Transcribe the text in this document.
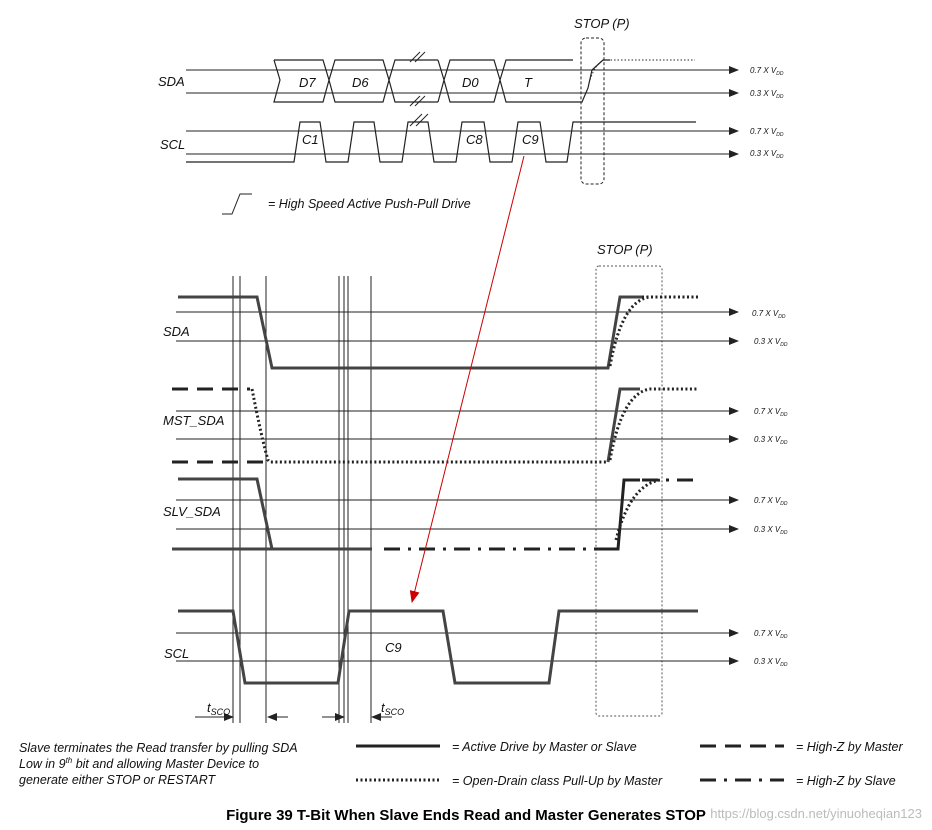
STOP (P)
SDA
SCL
D7	D6	D0	T
C1	C8	C9
0.7 X $V_{DD}$
0.3 X $V_{DD}$
0.7 X $V_{DD}$
0.3 X $V_{DD}$
= High Speed Active Push-Pull Drive
STOP (P)
SDA
MST_SDA
SLV_SDA
SCL	C9
0.7 X $V_{DD}$
0.3 X $V_{DD}$
0.7 X $V_{DD}$
0.3 X $V_{DD}$
0.7 X $V_{DD}$
0.3 X $V_{DD}$
0.7 X $V_{DD}$
0.3 X $V_{DD}$
$t_{SCO}$	$t_{SCO}$
Slave terminates the Read transfer by pulling SDA
Low in 9th bit and allowing Master Device to
generate either STOP or RESTART
= Active Drive by Master or Slave
= Open-Drain class Pull-Up by Master
= High-Z by Master
= High-Z by Slave
Figure 39 T-Bit When Slave Ends Read and Master Generates STOP https://blog.csdn.net/yinuoheqian123
